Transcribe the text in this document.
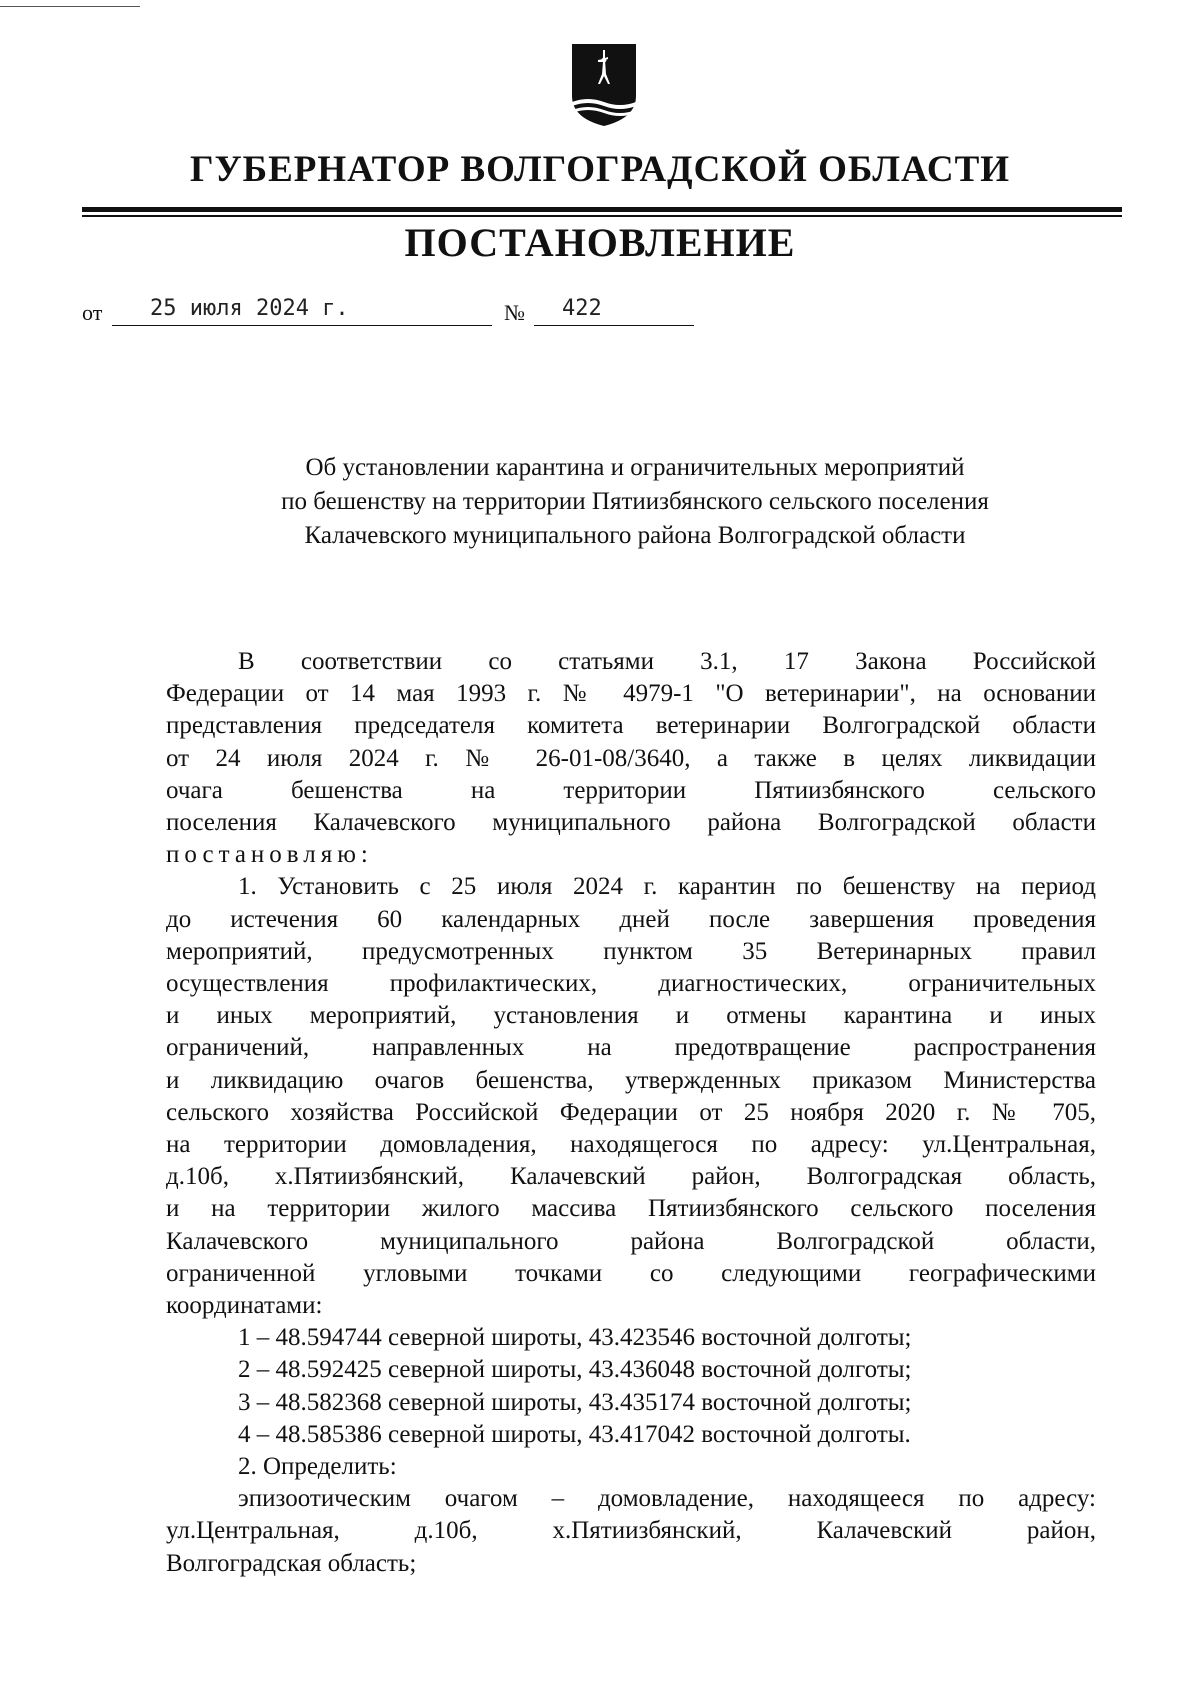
ГУБЕРНАТОР ВОЛГОГРАДСКОЙ ОБЛАСТИ
ПОСТАНОВЛЕНИЕ
от	25 июля 2024 г.	№	422
Об установлении карантина и ограничительных мероприятий
по бешенству на территории Пятиизбянского сельского поселения
Калачевского муниципального района Волгоградской области

В соответствии со статьями 3.1, 17 Закона Российской

Федерации от 14 мая 1993 г. № 4979-1 "О ветеринарии", на основании

представления председателя комитета ветеринарии Волгоградской области

от 24 июля 2024 г. № 26-01-08/3640, а также в целях ликвидации

очага бешенства на территории Пятиизбянского сельского

поселения Калачевского муниципального района Волгоградской области

постановляю:

1. Установить с 25 июля 2024 г. карантин по бешенству на период

до истечения 60 календарных дней после завершения проведения

мероприятий, предусмотренных пунктом 35 Ветеринарных правил

осуществления профилактических, диагностических, ограничительных

и иных мероприятий, установления и отмены карантина и иных

ограничений, направленных на предотвращение распространения

и ликвидацию очагов бешенства, утвержденных приказом Министерства

сельского хозяйства Российской Федерации от 25 ноября 2020 г. № 705,

на территории домовладения, находящегося по адресу: ул.Центральная,

д.10б, х.Пятиизбянский, Калачевский район, Волгоградская область,

и на территории жилого массива Пятиизбянского сельского поселения

Калачевского муниципального района Волгоградской области,

ограниченной угловыми точками со следующими географическими

координатами:

1 – 48.594744 северной широты, 43.423546 восточной долготы;

2 – 48.592425 северной широты, 43.436048 восточной долготы;

3 – 48.582368 северной широты, 43.435174 восточной долготы;

4 – 48.585386 северной широты, 43.417042 восточной долготы.

2. Определить:

эпизоотическим очагом – домовладение, находящееся по адресу:

ул.Центральная, д.10б, х.Пятиизбянский, Калачевский район,

Волгоградская область;
